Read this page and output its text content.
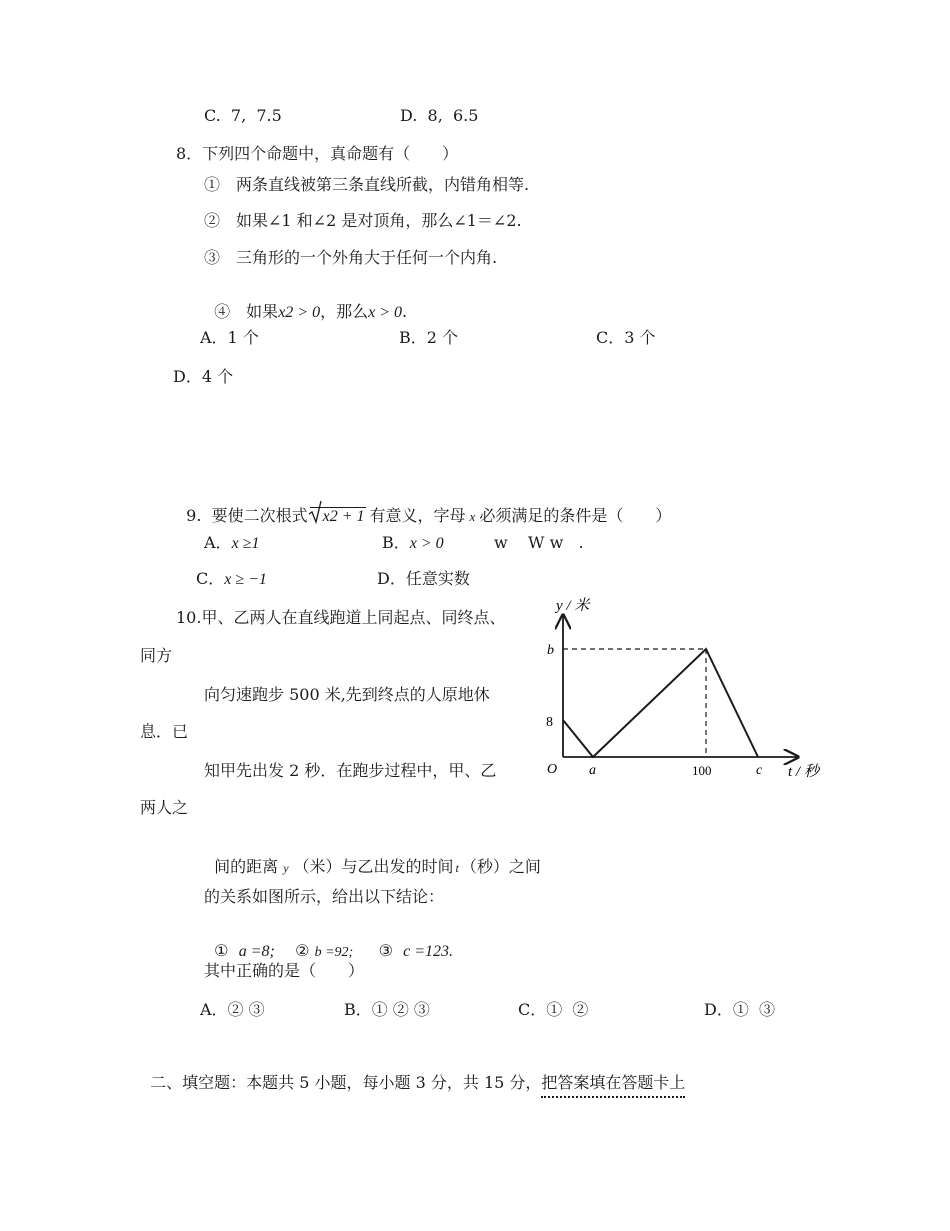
C.  7,  7.5	D.  8,  6.5
8．下列四个命题中，真命题有（　　）
①　两条直线被第三条直线所截，内错角相等.
②　如果∠1 和∠2 是对顶角，那么∠1＝∠2.
③　三角形的一个外角大于任何一个内角.

④　如果x2 > 0，那么x > 0.

A．1 个	B．2 个	C．3 个
D．4 个

9.  要使二次根式 x2 + 1 有意义，字母 x 必须满足的条件是（　　）

A．x ≥1	B．x > 0	w    W w   .
C．x ≥ −1	D．任意实数
10.甲、乙两人在直线跑道上同起点、同终点、
同方
向匀速跑步 500 米,先到终点的人原地休
息．已
知甲先出发 2 秒．在跑步过程中，甲、乙
两人之

间的距离 y （米）与乙出发的时间 t （秒）之间

的关系如图所示，给出以下结论：

① a =8; ② b =92; ③ c =123.

其中正确的是（　　）
A．② ③	B．① ② ③	C．①  ②	D．①  ③

二、填空题：本题共 5 小题，每小题 3 分，共 15 分，把答案填在答题卡上

y / 米
b
8
O a	100	c t / 秒
